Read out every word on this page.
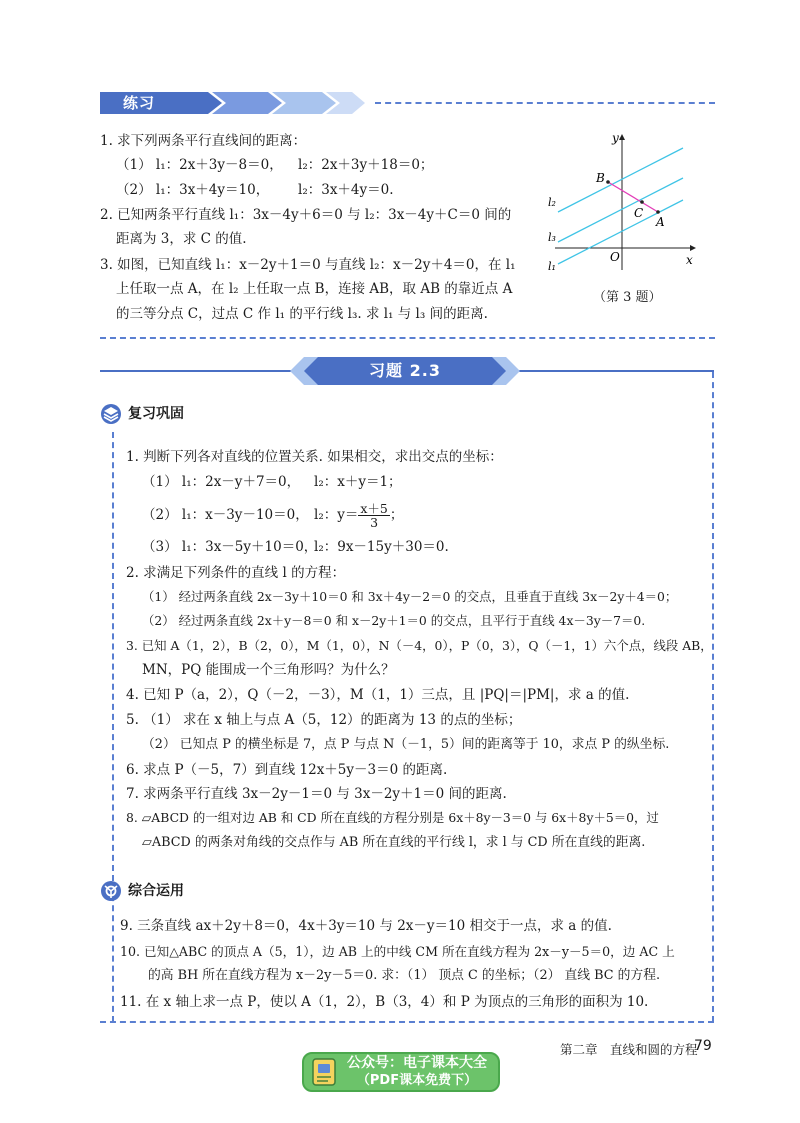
练习
1. 求下列两条平行直线间的距离：
（1） l₁：2x＋3y－8＝0， l₂：2x＋3y＋18＝0；
（2） l₁：3x＋4y＝10， l₂：3x＋4y＝0.
2. 已知两条平行直线 l₁：3x－4y＋6＝0 与 l₂：3x－4y＋C＝0 间的
距离为 3，求 C 的值.
3. 如图，已知直线 l₁：x－2y＋1＝0 与直线 l₂：x－2y＋4＝0，在 l₁
上任取一点 A，在 l₂ 上任取一点 B，连接 AB，取 AB 的靠近点 A
的三等分点 C，过点 C 作 l₁ 的平行线 l₃. 求 l₁ 与 l₃ 间的距离.
y
x
O
B
C
A
l₂
l₃
l₁
（第 3 题）
习题 2.3
复习巩固
1. 判断下列各对直线的位置关系. 如果相交，求出交点的坐标：
（1） l₁：2x－y＋7＝0， l₂：x＋y＝1；
（2） l₁：x－3y－10＝0， l₂：$y= \frac{x+5}{3}$ ；
（3） l₁：3x－5y＋10＝0，
l₂：9x－15y＋30＝0.
2. 求满足下列条件的直线 l 的方程：
（1） 经过两条直线 2x－3y＋10＝0 和 3x＋4y－2＝0 的交点，且垂直于直线 3x－2y＋4＝0；
（2） 经过两条直线 2x＋y－8＝0 和 x－2y＋1＝0 的交点，且平行于直线 4x－3y－7＝0.
3. 已知 A（1，2），B（2，0），M（1，0），N（－4，0），P（0，3），Q（－1，1）六个点，线段 AB，
MN，PQ 能围成一个三角形吗？为什么？
4. 已知 P（a，2），Q（－2，－3），M（1，1）三点，且 |PQ|＝|PM|，求 a 的值.
5. （1） 求在 x 轴上与点 A（5，12）的距离为 13 的点的坐标；
（2） 已知点 P 的横坐标是 7，点 P 与点 N（－1，5）间的距离等于 10，求点 P 的纵坐标.
6. 求点 P（－5，7）到直线 12x＋5y－3＝0 的距离.
7. 求两条平行直线 3x－2y－1＝0 与 3x－2y＋1＝0 间的距离.
8. ▱ABCD 的一组对边 AB 和 CD 所在直线的方程分别是 6x＋8y－3＝0 与 6x＋8y＋5＝0，过
▱ABCD 的两条对角线的交点作与 AB 所在直线的平行线 l，求 l 与 CD 所在直线的距离.
综合运用
9. 三条直线 ax＋2y＋8＝0，4x＋3y＝10 与 2x－y＝10 相交于一点，求 a 的值.
10. 已知△ABC 的顶点 A（5，1），边 AB 上的中线 CM 所在直线方程为 2x－y－5＝0，边 AC 上
的高 BH 所在直线方程为 x－2y－5＝0. 求：（1） 顶点 C 的坐标；（2） 直线 BC 的方程.
11. 在 x 轴上求一点 P，使以 A（1，2），B（3，4）和 P 为顶点的三角形的面积为 10.
第二章　直线和圆的方程
79
公众号：电子课本大全
（PDF课本免费下）
